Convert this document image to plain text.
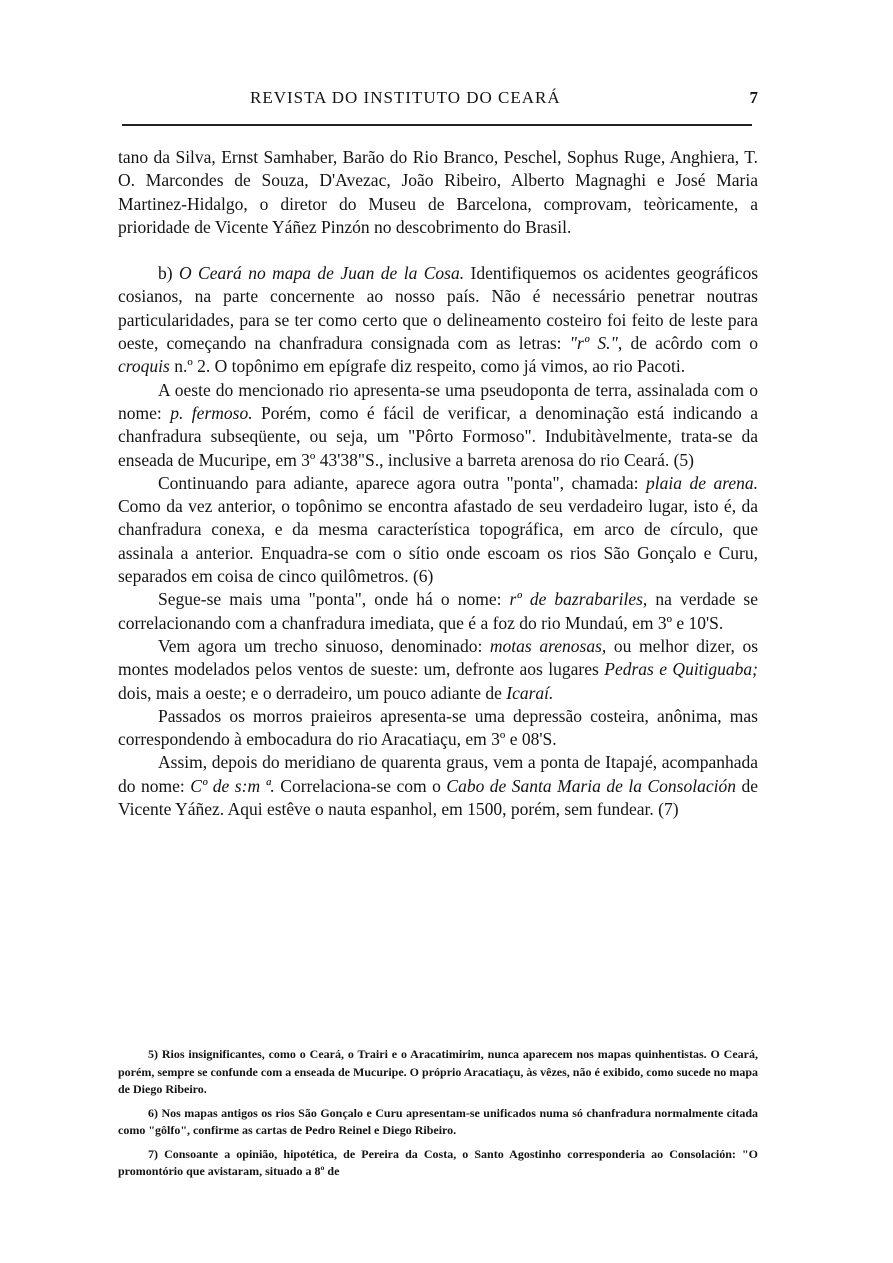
REVISTA DO INSTITUTO DO CEARÁ	7

tano da Silva, Ernst Samhaber, Barão do Rio Branco, Peschel, Sophus Ruge, Anghiera, T. O. Marcondes de Souza, D'Avezac, João Ribeiro, Alberto Magnaghi e José Maria Martinez-Hidalgo, o diretor do Museu de Barcelona, comprovam, teòricamente, a prioridade de Vicente Yáñez Pinzón no descobrimento do Brasil.

b) O Ceará no mapa de Juan de la Cosa. Identifiquemos os acidentes geográficos cosianos, na parte concernente ao nosso país. Não é necessário penetrar noutras particularidades, para se ter como certo que o delineamento costeiro foi feito de leste para oeste, começando na chanfradura consignada com as letras: "rº S.", de acôrdo com o croquis n.º 2. O topônimo em epígrafe diz respeito, como já vimos, ao rio Pacoti.

A oeste do mencionado rio apresenta-se uma pseudoponta de terra, assinalada com o nome: p. fermoso. Porém, como é fácil de verificar, a denominação está indicando a chanfradura subseqüente, ou seja, um "Pôrto Formoso". Indubitàvelmente, trata-se da enseada de Mucuripe, em 3º 43'38"S., inclusive a barreta arenosa do rio Ceará. (5)

Continuando para adiante, aparece agora outra "ponta", chamada: plaia de arena. Como da vez anterior, o topônimo se encontra afastado de seu verdadeiro lugar, isto é, da chanfradura conexa, e da mesma característica topográfica, em arco de círculo, que assinala a anterior. Enquadra-se com o sítio onde escoam os rios São Gonçalo e Curu, separados em coisa de cinco quilômetros. (6)

Segue-se mais uma "ponta", onde há o nome: rº de bazrabariles, na verdade se correlacionando com a chanfradura imediata, que é a foz do rio Mundaú, em 3º e 10'S.

Vem agora um trecho sinuoso, denominado: motas arenosas, ou melhor dizer, os montes modelados pelos ventos de sueste: um, defronte aos lugares Pedras e Quitiguaba; dois, mais a oeste; e o derradeiro, um pouco adiante de Icaraí.

Passados os morros praieiros apresenta-se uma depressão costeira, anônima, mas correspondendo à embocadura do rio Aracatiaçu, em 3º e 08'S.

Assim, depois do meridiano de quarenta graus, vem a ponta de Itapajé, acompanhada do nome: Cº de s:m ª. Correlaciona-se com o Cabo de Santa Maria de la Consolación de Vicente Yáñez. Aqui estêve o nauta espanhol, em 1500, porém, sem fundear. (7)

5) Rios insignificantes, como o Ceará, o Trairi e o Aracatimirim, nunca aparecem nos mapas quinhentistas. O Ceará, porém, sempre se confunde com a enseada de Mucuripe. O próprio Aracatiaçu, às vêzes, não é exibido, como sucede no mapa de Diego Ribeiro.

6) Nos mapas antigos os rios São Gonçalo e Curu apresentam-se unificados numa só chanfradura normalmente citada como "gôlfo", confirme as cartas de Pedro Reinel e Diego Ribeiro.

7) Consoante a opinião, hipotética, de Pereira da Costa, o Santo Agostinho corresponderia ao Consolación: "O promontório que avistaram, situado a 8º de
